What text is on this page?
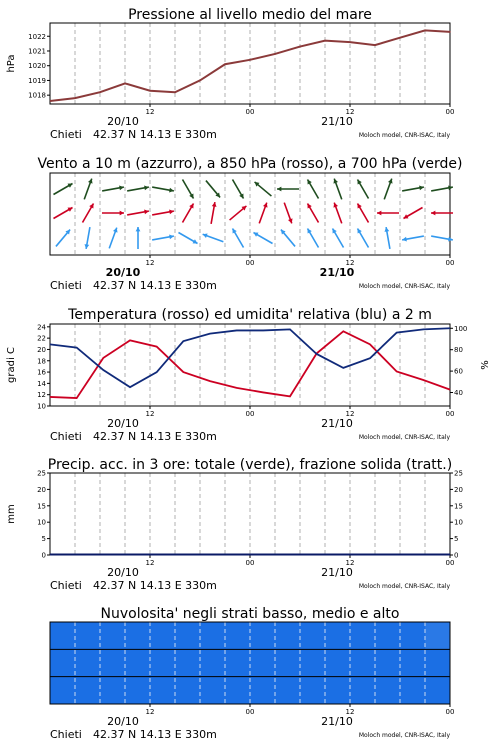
Pressione al livello medio del mare
12	00	12	00
20/10	21/10
Chieti 42.37 N 14.13 E 330m	Moloch model, CNR-ISAC, Italy
1018
1019
1020
1021
1022
hPa
Vento a 10 m (azzurro), a 850 hPa (rosso), a 700 hPa (verde)
12	00	12	00
20/10	21/10
Chieti 42.37 N 14.13 E 330m	Moloch model, CNR-ISAC, Italy
Temperatura (rosso) ed umidita' relativa (blu) a 2 m
12	00	12	00
20/10	21/10
Chieti 42.37 N 14.13 E 330m	Moloch model, CNR-ISAC, Italy
10
12
14
16
18
20
22
24
gradi C
40
60
80
100
%
Precip. acc. in 3 ore: totale (verde), frazione solida (tratt.)
12	00	12	00
20/10	21/10
Chieti 42.37 N 14.13 E 330m	Moloch model, CNR-ISAC, Italy
0
5
10
15
20
25
mm
0
5
10
15
20
25
Nuvolosita' negli strati basso, medio e alto
12	00	12	00
20/10	21/10
Chieti 42.37 N 14.13 E 330m	Moloch model, CNR-ISAC, Italy
